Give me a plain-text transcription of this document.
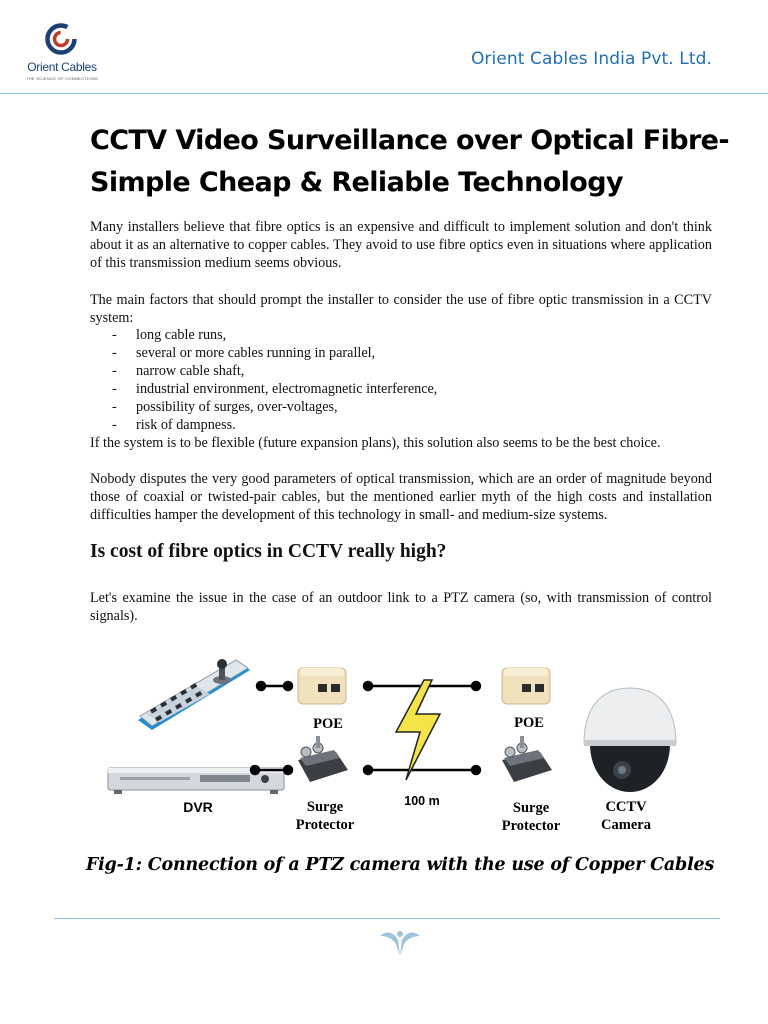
Orient Cables
THE SCIENCE OF CONNECTIONS
Orient Cables India Pvt. Ltd.
CCTV Video Surveillance over Optical Fibre-
Simple Cheap & Reliable Technology

Many installers believe that fibre optics is an expensive and difficult to implement solution and don't think about it as an alternative to copper cables. They avoid to use fibre optics even in situations where application of this transmission medium seems obvious.

The main factors that should prompt the installer to consider the use of fibre optic transmission in a CCTV system:

- long cable runs,
- several or more cables running in parallel,
- narrow cable shaft,
- industrial environment, electromagnetic interference,
- possibility of surges, over-voltages,
- risk of dampness.

If the system is to be flexible (future expansion plans), this solution also seems to be the best choice.

Nobody disputes the very good parameters of optical transmission, which are an order of magnitude beyond those of coaxial or twisted-pair cables, but the mentioned earlier myth of the high costs and installation difficulties hamper the development of this technology in small- and medium-size systems.

Is cost of fibre optics in CCTV really high?

Let's examine the issue in the case of an outdoor link to a PTZ camera (so, with transmission of control signals).

POE	POE
DVR	Surge
Protector
100 m	Surge
Protector
CCTV
Camera
Fig-1: Connection of a PTZ camera with the use of Copper Cables
